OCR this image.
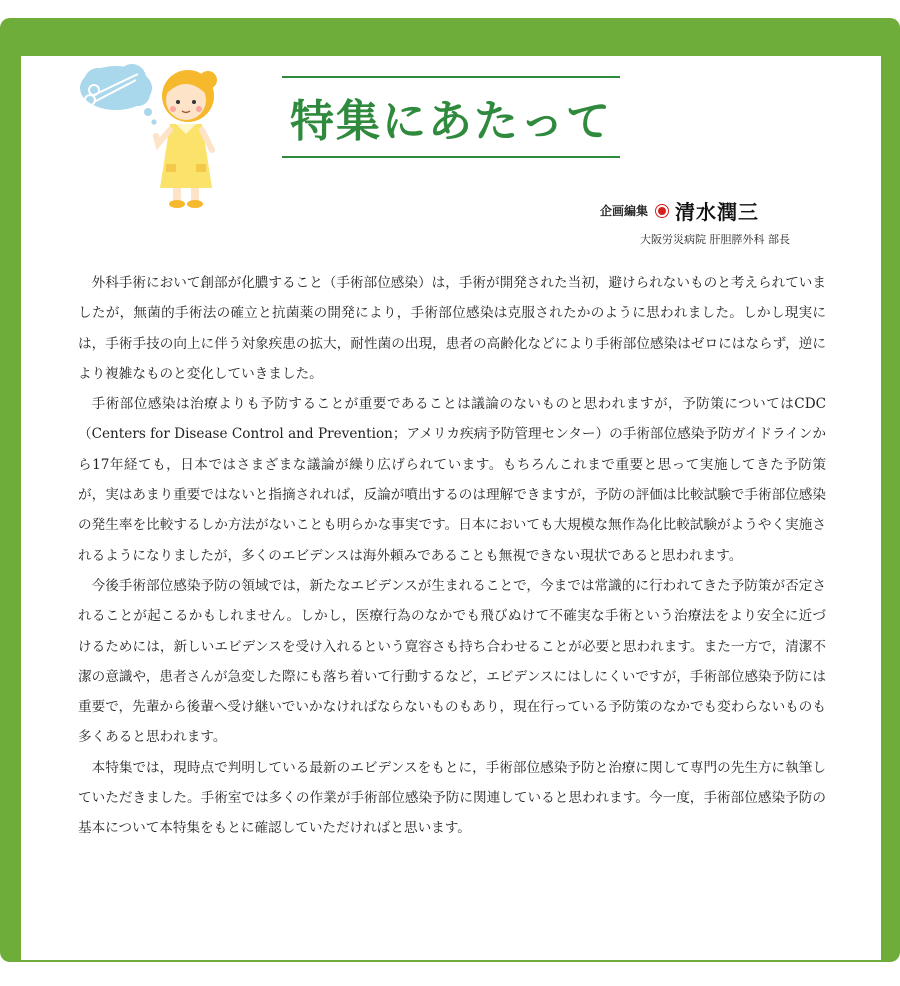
特集にあたって
企画編集 清水潤三
大阪労災病院 肝胆膵外科 部長

外科手術において創部が化膿すること（手術部位感染）は，手術が開発された当初，避けられないものと考えられていましたが，無菌的手術法の確立と抗菌薬の開発により，手術部位感染は克服されたかのように思われました。しかし現実には，手術手技の向上に伴う対象疾患の拡大，耐性菌の出現，患者の高齢化などにより手術部位感染はゼロにはならず，逆により複雑なものと変化していきました。

手術部位感染は治療よりも予防することが重要であることは議論のないものと思われますが，予防策についてはCDC（Centers for Disease Control and Prevention；アメリカ疾病予防管理センター）の手術部位感染予防ガイドラインから17年経ても，日本ではさまざまな議論が繰り広げられています。もちろんこれまで重要と思って実施してきた予防策が，実はあまり重要ではないと指摘されれば，反論が噴出するのは理解できますが，予防の評価は比較試験で手術部位感染の発生率を比較するしか方法がないことも明らかな事実です。日本においても大規模な無作為化比較試験がようやく実施されるようになりましたが，多くのエビデンスは海外頼みであることも無視できない現状であると思われます。

今後手術部位感染予防の領域では，新たなエビデンスが生まれることで，今までは常識的に行われてきた予防策が否定されることが起こるかもしれません。しかし，医療行為のなかでも飛びぬけて不確実な手術という治療法をより安全に近づけるためには，新しいエビデンスを受け入れるという寛容さも持ち合わせることが必要と思われます。また一方で，清潔不潔の意識や，患者さんが急変した際にも落ち着いて行動するなど，エビデンスにはしにくいですが，手術部位感染予防には重要で，先輩から後輩へ受け継いでいかなければならないものもあり，現在行っている予防策のなかでも変わらないものも多くあると思われます。

本特集では，現時点で判明している最新のエビデンスをもとに，手術部位感染予防と治療に関して専門の先生方に執筆していただきました。手術室では多くの作業が手術部位感染予防に関連していると思われます。今一度，手術部位感染予防の基本について本特集をもとに確認していただければと思います。
